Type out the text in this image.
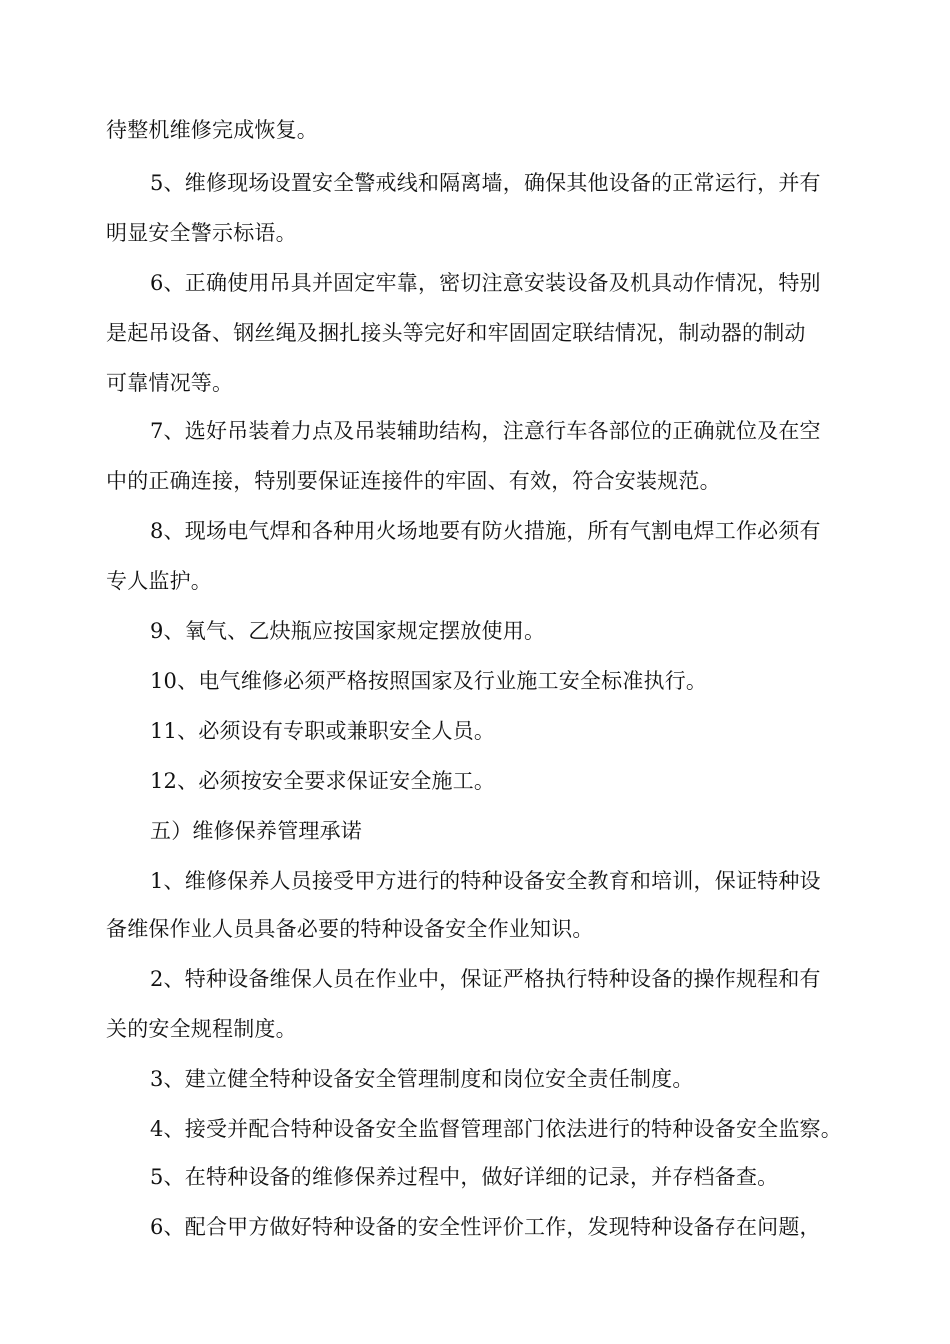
待整机维修完成恢复。
5、维修现场设置安全警戒线和隔离墙，确保其他设备的正常运行，并有
明显安全警示标语。
6、正确使用吊具并固定牢靠，密切注意安装设备及机具动作情况，特别
是起吊设备、钢丝绳及捆扎接头等完好和牢固固定联结情况，制动器的制动
可靠情况等。
7、选好吊装着力点及吊装辅助结构，注意行车各部位的正确就位及在空
中的正确连接，特别要保证连接件的牢固、有效，符合安装规范。
8、现场电气焊和各种用火场地要有防火措施，所有气割电焊工作必须有
专人监护。
9、氧气、乙炔瓶应按国家规定摆放使用。
10、电气维修必须严格按照国家及行业施工安全标准执行。
11、必须设有专职或兼职安全人员。
12、必须按安全要求保证安全施工。
五）维修保养管理承诺
1、维修保养人员接受甲方进行的特种设备安全教育和培训，保证特种设
备维保作业人员具备必要的特种设备安全作业知识。
2、特种设备维保人员在作业中，保证严格执行特种设备的操作规程和有
关的安全规程制度。
3、建立健全特种设备安全管理制度和岗位安全责任制度。
4、接受并配合特种设备安全监督管理部门依法进行的特种设备安全监察。
5、在特种设备的维修保养过程中，做好详细的记录，并存档备查。
6、配合甲方做好特种设备的安全性评价工作，发现特种设备存在问题，
